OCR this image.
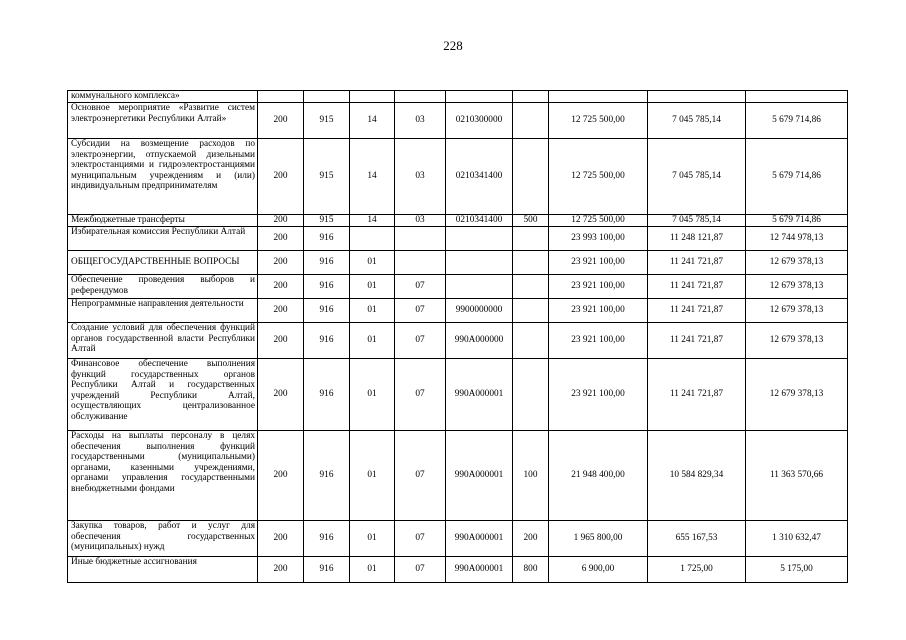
228
коммунального комплекса»									
Основное мероприятие «Развитие систем электроэнергетики Республики Алтай»	200	915	14	03	0210300000		12 725 500,00	7 045 785,14	5 679 714,86
Субсидии на возмещение расходов по электроэнергии, отпускаемой дизельными электростанциями и гидроэлектростанциями муниципальным учреждениям и (или) индивидуальным предпринимателям	200	915	14	03	0210341400		12 725 500,00	7 045 785,14	5 679 714,86
Межбюджетные трансферты	200	915	14	03	0210341400	500	12 725 500,00	7 045 785,14	5 679 714,86
Избирательная комиссия Республики Алтай	200	916					23 993 100,00	11 248 121,87	12 744 978,13
ОБЩЕГОСУДАРСТВЕННЫЕ ВОПРОСЫ	200	916	01				23 921 100,00	11 241 721,87	12 679 378,13
Обеспечение проведения выборов и референдумов	200	916	01	07			23 921 100,00	11 241 721,87	12 679 378,13
Непрограммные направления деятельности	200	916	01	07	9900000000		23 921 100,00	11 241 721,87	12 679 378,13
Создание условий для обеспечения функций органов государственной власти Республики Алтай	200	916	01	07	990А000000		23 921 100,00	11 241 721,87	12 679 378,13
Финансовое обеспечение выполнения функций государственных органов Республики Алтай и государственных учреждений Республики Алтай, осуществляющих централизованное обслуживание	200	916	01	07	990А000001		23 921 100,00	11 241 721,87	12 679 378,13
Расходы на выплаты персоналу в целях обеспечения выполнения функций государственными (муниципальными) органами, казенными учреждениями, органами управления государственными внебюджетными фондами	200	916	01	07	990А000001	100	21 948 400,00	10 584 829,34	11 363 570,66
Закупка товаров, работ и услуг для обеспечения государственных (муниципальных) нужд	200	916	01	07	990А000001	200	1 965 800,00	655 167,53	1 310 632,47
Иные бюджетные ассигнования	200	916	01	07	990А000001	800	6 900,00	1 725,00	5 175,00
